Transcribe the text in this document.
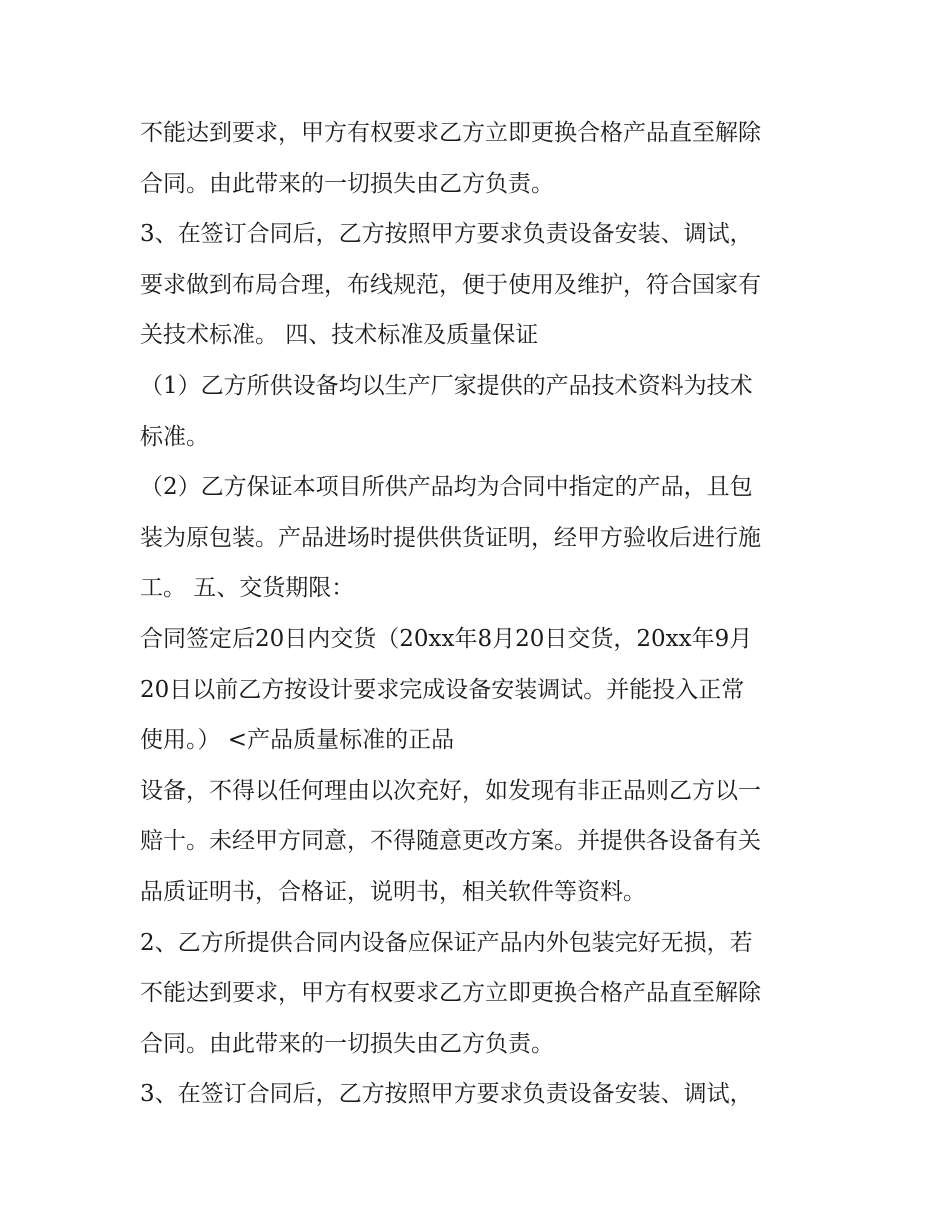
不能达到要求，甲方有权要求乙方立即更换合格产品直至解除
合同。由此带来的一切损失由乙方负责。
3、在签订合同后，乙方按照甲方要求负责设备安装、调试，
要求做到布局合理，布线规范，便于使用及维护，符合国家有
关技术标准。 四、技术标准及质量保证
（1）乙方所供设备均以生产厂家提供的产品技术资料为技术
标准。
（2）乙方保证本项目所供产品均为合同中指定的产品，且包
装为原包装。产品进场时提供供货证明，经甲方验收后进行施
工。 五、交货期限：
合同签定后20日内交货（20xx年8月20日交货，20xx年9月
20日以前乙方按设计要求完成设备安装调试。并能投入正常
使用。） <产品质量标准的正品
设备，不得以任何理由以次充好，如发现有非正品则乙方以一
赔十。未经甲方同意，不得随意更改方案。并提供各设备有关
品质证明书，合格证，说明书，相关软件等资料。
2、乙方所提供合同内设备应保证产品内外包装完好无损，若
不能达到要求，甲方有权要求乙方立即更换合格产品直至解除
合同。由此带来的一切损失由乙方负责。
3、在签订合同后，乙方按照甲方要求负责设备安装、调试，
